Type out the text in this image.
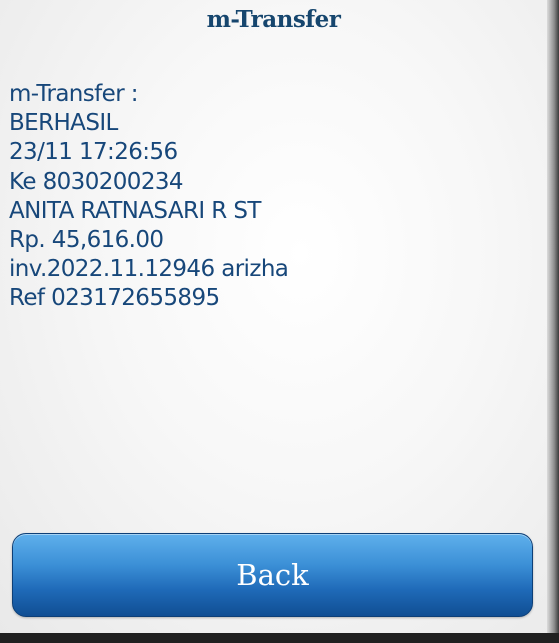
m-Transfer
m-Transfer :
BERHASIL
23/11 17:26:56
Ke 8030200234
ANITA RATNASARI R ST
Rp. 45,616.00
inv.2022.11.12946 arizha
Ref 023172655895
Back
